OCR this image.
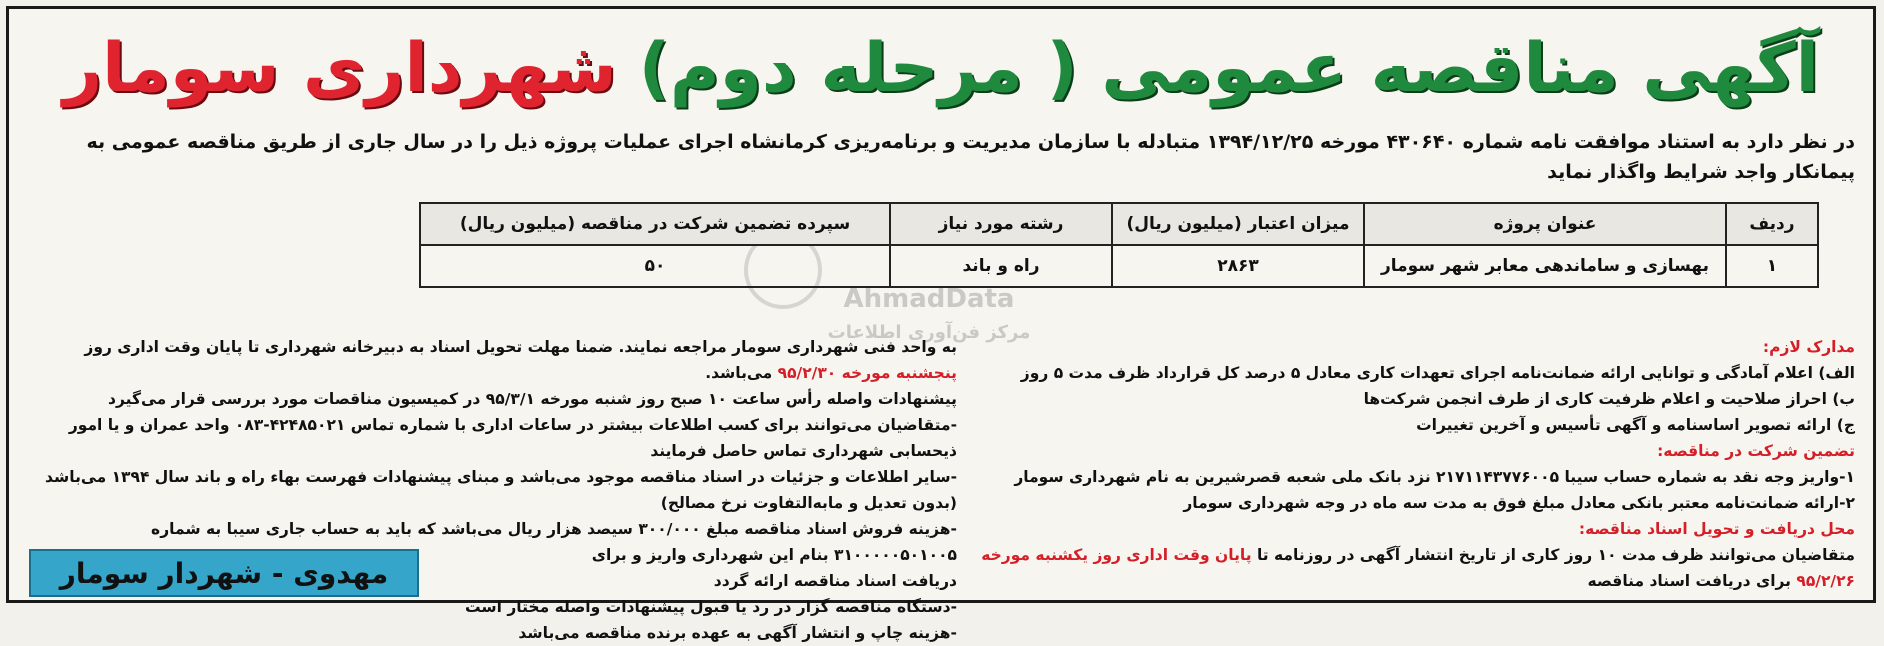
آگهی مناقصه عمومی ( مرحله دوم)شهرداری سومار
در نظر دارد به استناد موافقت نامه شماره ۴۳۰۶۴۰ مورخه ۱۳۹۴/۱۲/۲۵ متبادله با سازمان مدیریت و برنامه‌ریزی کرمانشاه اجرای عملیات پروژه ذیل را در سال جاری از طریق مناقصه عمومی به
پیمانکار واجد شرایط واگذار نماید
AhmadData
مرکز فن‌آوری اطلاعات
ردیف	عنوان پروژه	میزان اعتبار (میلیون ریال)	رشته مورد نیاز	سپرده تضمین شرکت در مناقصه (میلیون ریال)
۱	بهسازی و ساماندهی معابر شهر سومار	۲۸۶۳	راه و باند	۵۰

مدارک لازم:

الف) اعلام آمادگی و توانایی ارائه ضمانت‌نامه اجرای تعهدات کاری معادل ۵ درصد کل قرارداد ظرف مدت ۵ روز

ب) احراز صلاحیت و اعلام ظرفیت کاری از طرف انجمن شرکت‌ها

ج) ارائه تصویر اساسنامه و آگهی تأسیس و آخرین تغییرات

تضمین شرکت در مناقصه:

۱-واریز وجه نقد به شماره حساب سیبا ۲۱۷۱۱۴۳۷۷۶۰۰۵ نزد بانک ملی شعبه قصرشیرین به نام شهرداری سومار

۲-ارائه ضمانت‌نامه معتبر بانکی معادل مبلغ فوق به مدت سه ماه در وجه شهرداری سومار

محل دریافت و تحویل اسناد مناقصه:

متقاضیان می‌توانند ظرف مدت ۱۰ روز کاری از تاریخ انتشار آگهی در روزنامه تا پایان وقت اداری روز یکشنبه مورخه ۹۵/۲/۲۶ برای دریافت اسناد مناقصه

به واحد فنی شهرداری سومار مراجعه نمایند. ضمنا مهلت تحویل اسناد به دبیرخانه شهرداری تا پایان وقت اداری روز پنجشنبه مورخه ۹۵/۲/۳۰ می‌باشد.

پیشنهادات واصله رأس ساعت ۱۰ صبح روز شنبه مورخه ۹۵/۳/۱ در کمیسیون مناقصات مورد بررسی قرار می‌گیرد

-متقاضیان می‌توانند برای کسب اطلاعات بیشتر در ساعات اداری با شماره تماس ۴۲۴۸۵۰۲۱-۰۸۳ واحد عمران و یا امور ذیحسابی شهرداری تماس حاصل فرمایند

-سایر اطلاعات و جزئیات در اسناد مناقصه موجود می‌باشد و مبنای پیشنهادات فهرست بهاء راه و باند سال ۱۳۹۴ می‌باشد (بدون تعدیل و مابه‌التفاوت نرخ مصالح)

-هزینه فروش اسناد مناقصه مبلغ ۳۰۰/۰۰۰ سیصد هزار ریال می‌باشد که باید به حساب جاری سیبا به شماره ۳۱۰۰۰۰۰۵۰۱۰۰۵ بنام این شهرداری واریز و برای

دریافت اسناد مناقصه ارائه گردد

-دستگاه مناقصه گزار در رد یا قبول پیشنهادات واصله مختار است

-هزینه چاپ و انتشار آگهی به عهده برنده مناقصه می‌باشد

مهدوی - شهردار سومار
